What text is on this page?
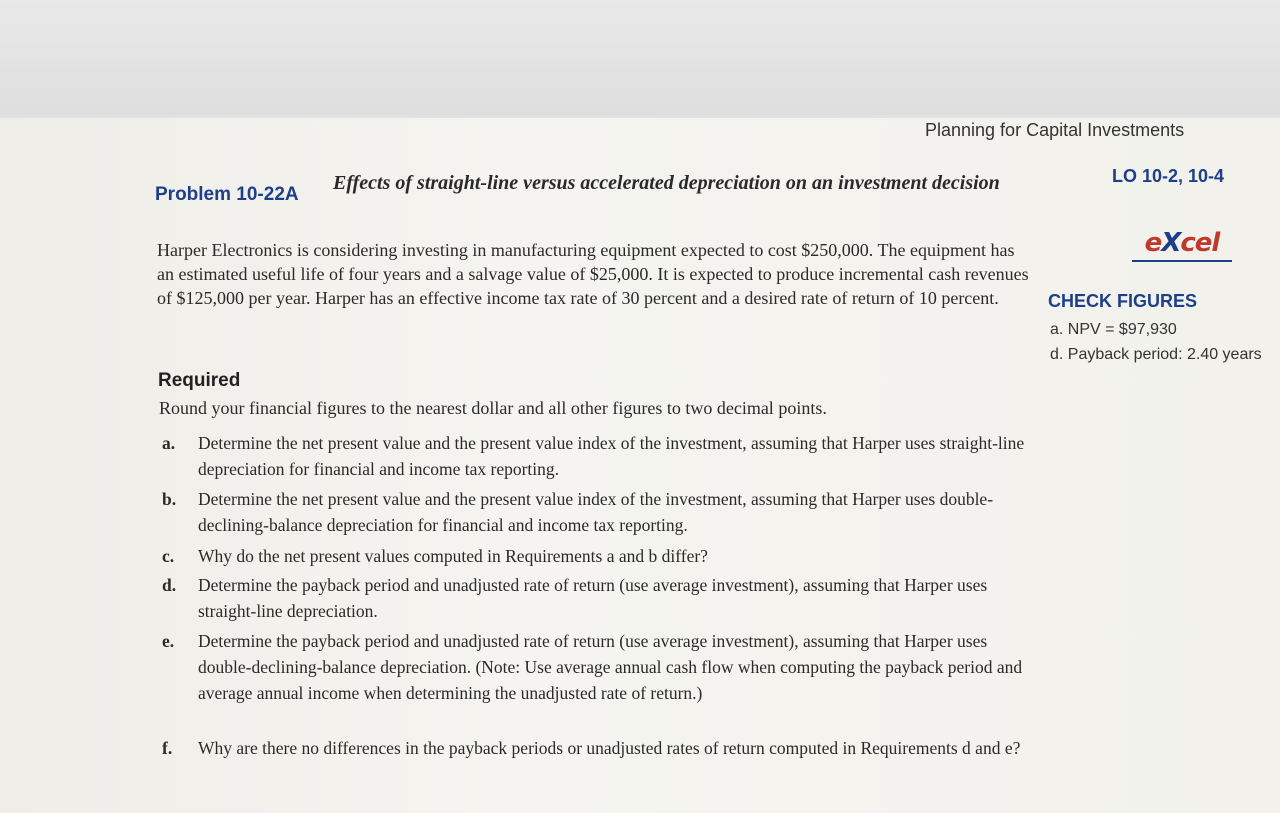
Planning for Capital Investments
LO 10-2, 10-4
Problem 10-22A
Effects of straight-line versus accelerated depreciation on an investment decision
eXcel
CHECK FIGURES
a. NPV = $97,930
d. Payback period: 2.40 years
Harper Electronics is considering investing in manufacturing equipment expected to cost $250,000. The equipment has an estimated useful life of four years and a salvage value of $25,000. It is expected to produce incremental cash revenues of $125,000 per year. Harper has an effective income tax rate of 30 percent and a desired rate of return of 10 percent.
Required
Round your financial figures to the nearest dollar and all other figures to two decimal points.
a. Determine the net present value and the present value index of the investment, assuming that Harper uses straight-line depreciation for financial and income tax reporting.
b. Determine the net present value and the present value index of the investment, assuming that Harper uses double-declining-balance depreciation for financial and income tax reporting.
c. Why do the net present values computed in Requirements a and b differ?
d. Determine the payback period and unadjusted rate of return (use average investment), assuming that Harper uses straight-line depreciation.
e. Determine the payback period and unadjusted rate of return (use average investment), assuming that Harper uses double-declining-balance depreciation. (Note: Use average annual cash flow when computing the payback period and average annual income when determining the unadjusted rate of return.)
f. Why are there no differences in the payback periods or unadjusted rates of return computed in Requirements d and e?
